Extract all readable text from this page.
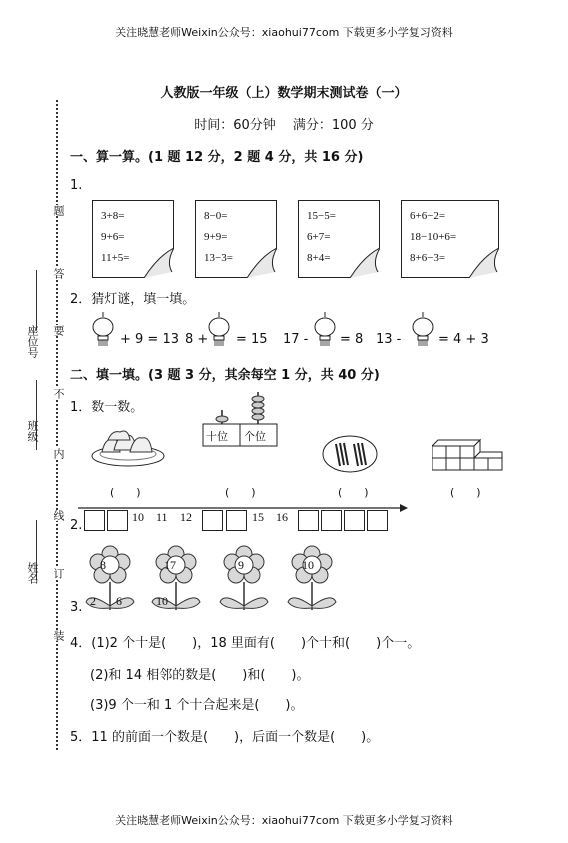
关注晓慧老师Weixin公众号：xiaohui77com 下载更多小学复习资料
关注晓慧老师Weixin公众号：xiaohui77com 下载更多小学复习资料
座位号
班级
姓名
题
答
要
不
内
线
订
装
人教版一年级（上）数学期末测试卷（一）
时间：60分钟　 满分：100 分
一、算一算。(1 题 12 分，2 题 4 分，共 16 分)
1.
3+8=
9+6=
11+5=
8−0=
9+9=
13−3=
15−5=
6+7=
8+4=
6+6−2=
18−10+6=
8+6−3=
2．猜灯谜，填一填。
+ 9 = 13 8 + = 15 17 - = 8 13 -	= 4 + 3
二、填一填。(3 题 3 分，其余每空 1 分，共 40 分)
1．数一数。
十位 个位
(　　)	(　　)	(　　)	(　　)
2.
10 11 12	15 16
3.
8
2 6
17
10
9	10
4．(1)2 个十是(　　)，18 里面有(　　)个十和(　　)个一。
(2)和 14 相邻的数是(　　)和(　　)。
(3)9 个一和 1 个十合起来是(　　)。
5．11 的前面一个数是(　　)，后面一个数是(　　)。
